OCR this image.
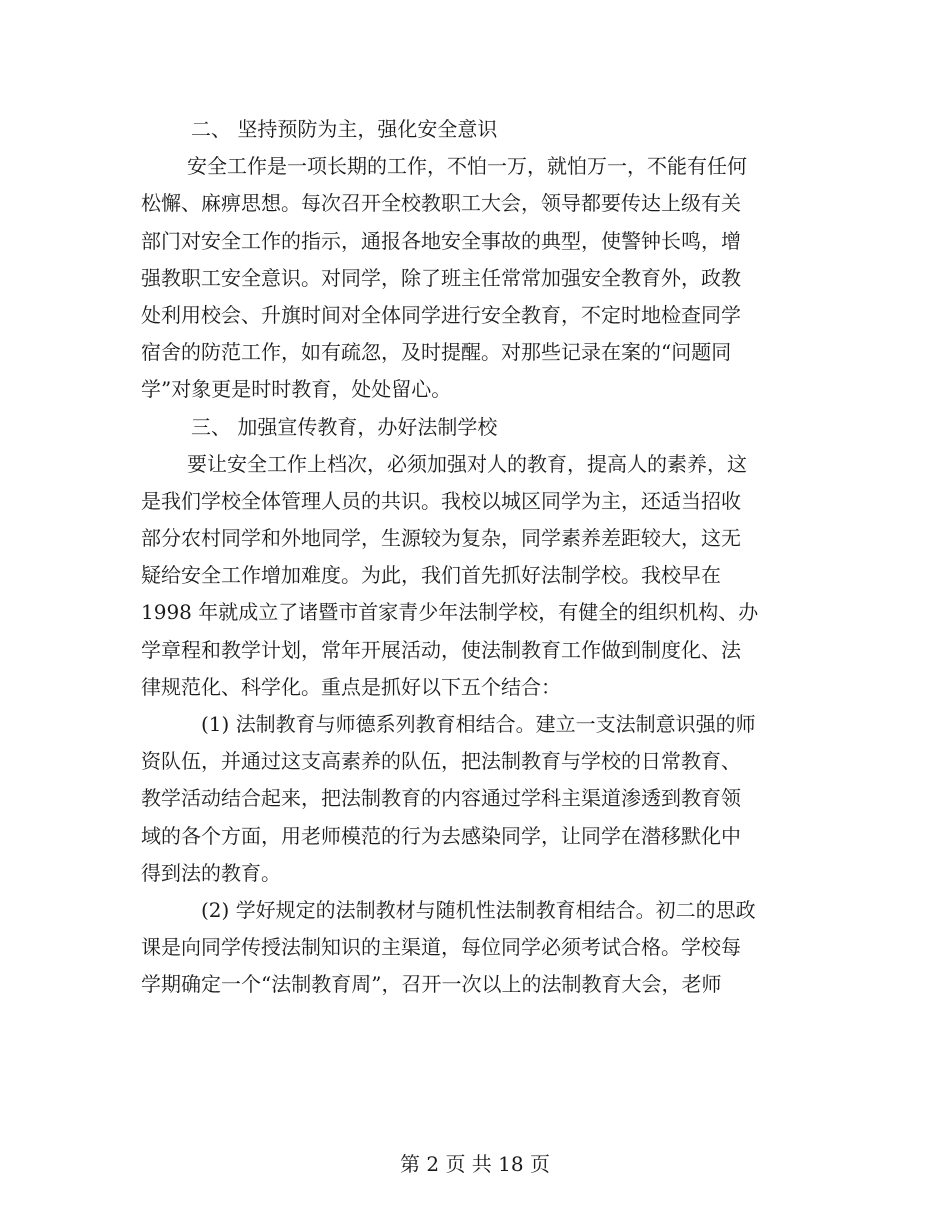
二、 坚持预防为主，强化安全意识
安全工作是一项长期的工作，不怕一万，就怕万一，不能有任何
松懈、麻痹思想。每次召开全校教职工大会，领导都要传达上级有关
部门对安全工作的指示，通报各地安全事故的典型，使警钟长鸣，增
强教职工安全意识。对同学，除了班主任常常加强安全教育外，政教
处利用校会、升旗时间对全体同学进行安全教育，不定时地检查同学
宿舍的防范工作，如有疏忽，及时提醒。对那些记录在案的“问题同
学”对象更是时时教育，处处留心。
三、 加强宣传教育，办好法制学校
要让安全工作上档次，必须加强对人的教育，提高人的素养，这
是我们学校全体管理人员的共识。我校以城区同学为主，还适当招收
部分农村同学和外地同学，生源较为复杂，同学素养差距较大，这无
疑给安全工作增加难度。为此，我们首先抓好法制学校。我校早在
1998 年就成立了诸暨市首家青少年法制学校，有健全的组织机构、办
学章程和教学计划，常年开展活动，使法制教育工作做到制度化、法
律规范化、科学化。重点是抓好以下五个结合：
(1) 法制教育与师德系列教育相结合。建立一支法制意识强的师
资队伍，并通过这支高素养的队伍，把法制教育与学校的日常教育、
教学活动结合起来，把法制教育的内容通过学科主渠道渗透到教育领
域的各个方面，用老师模范的行为去感染同学，让同学在潜移默化中
得到法的教育。
(2) 学好规定的法制教材与随机性法制教育相结合。初二的思政
课是向同学传授法制知识的主渠道，每位同学必须考试合格。学校每
学期确定一个“法制教育周”，召开一次以上的法制教育大会，老师
第 2 页 共 18 页
